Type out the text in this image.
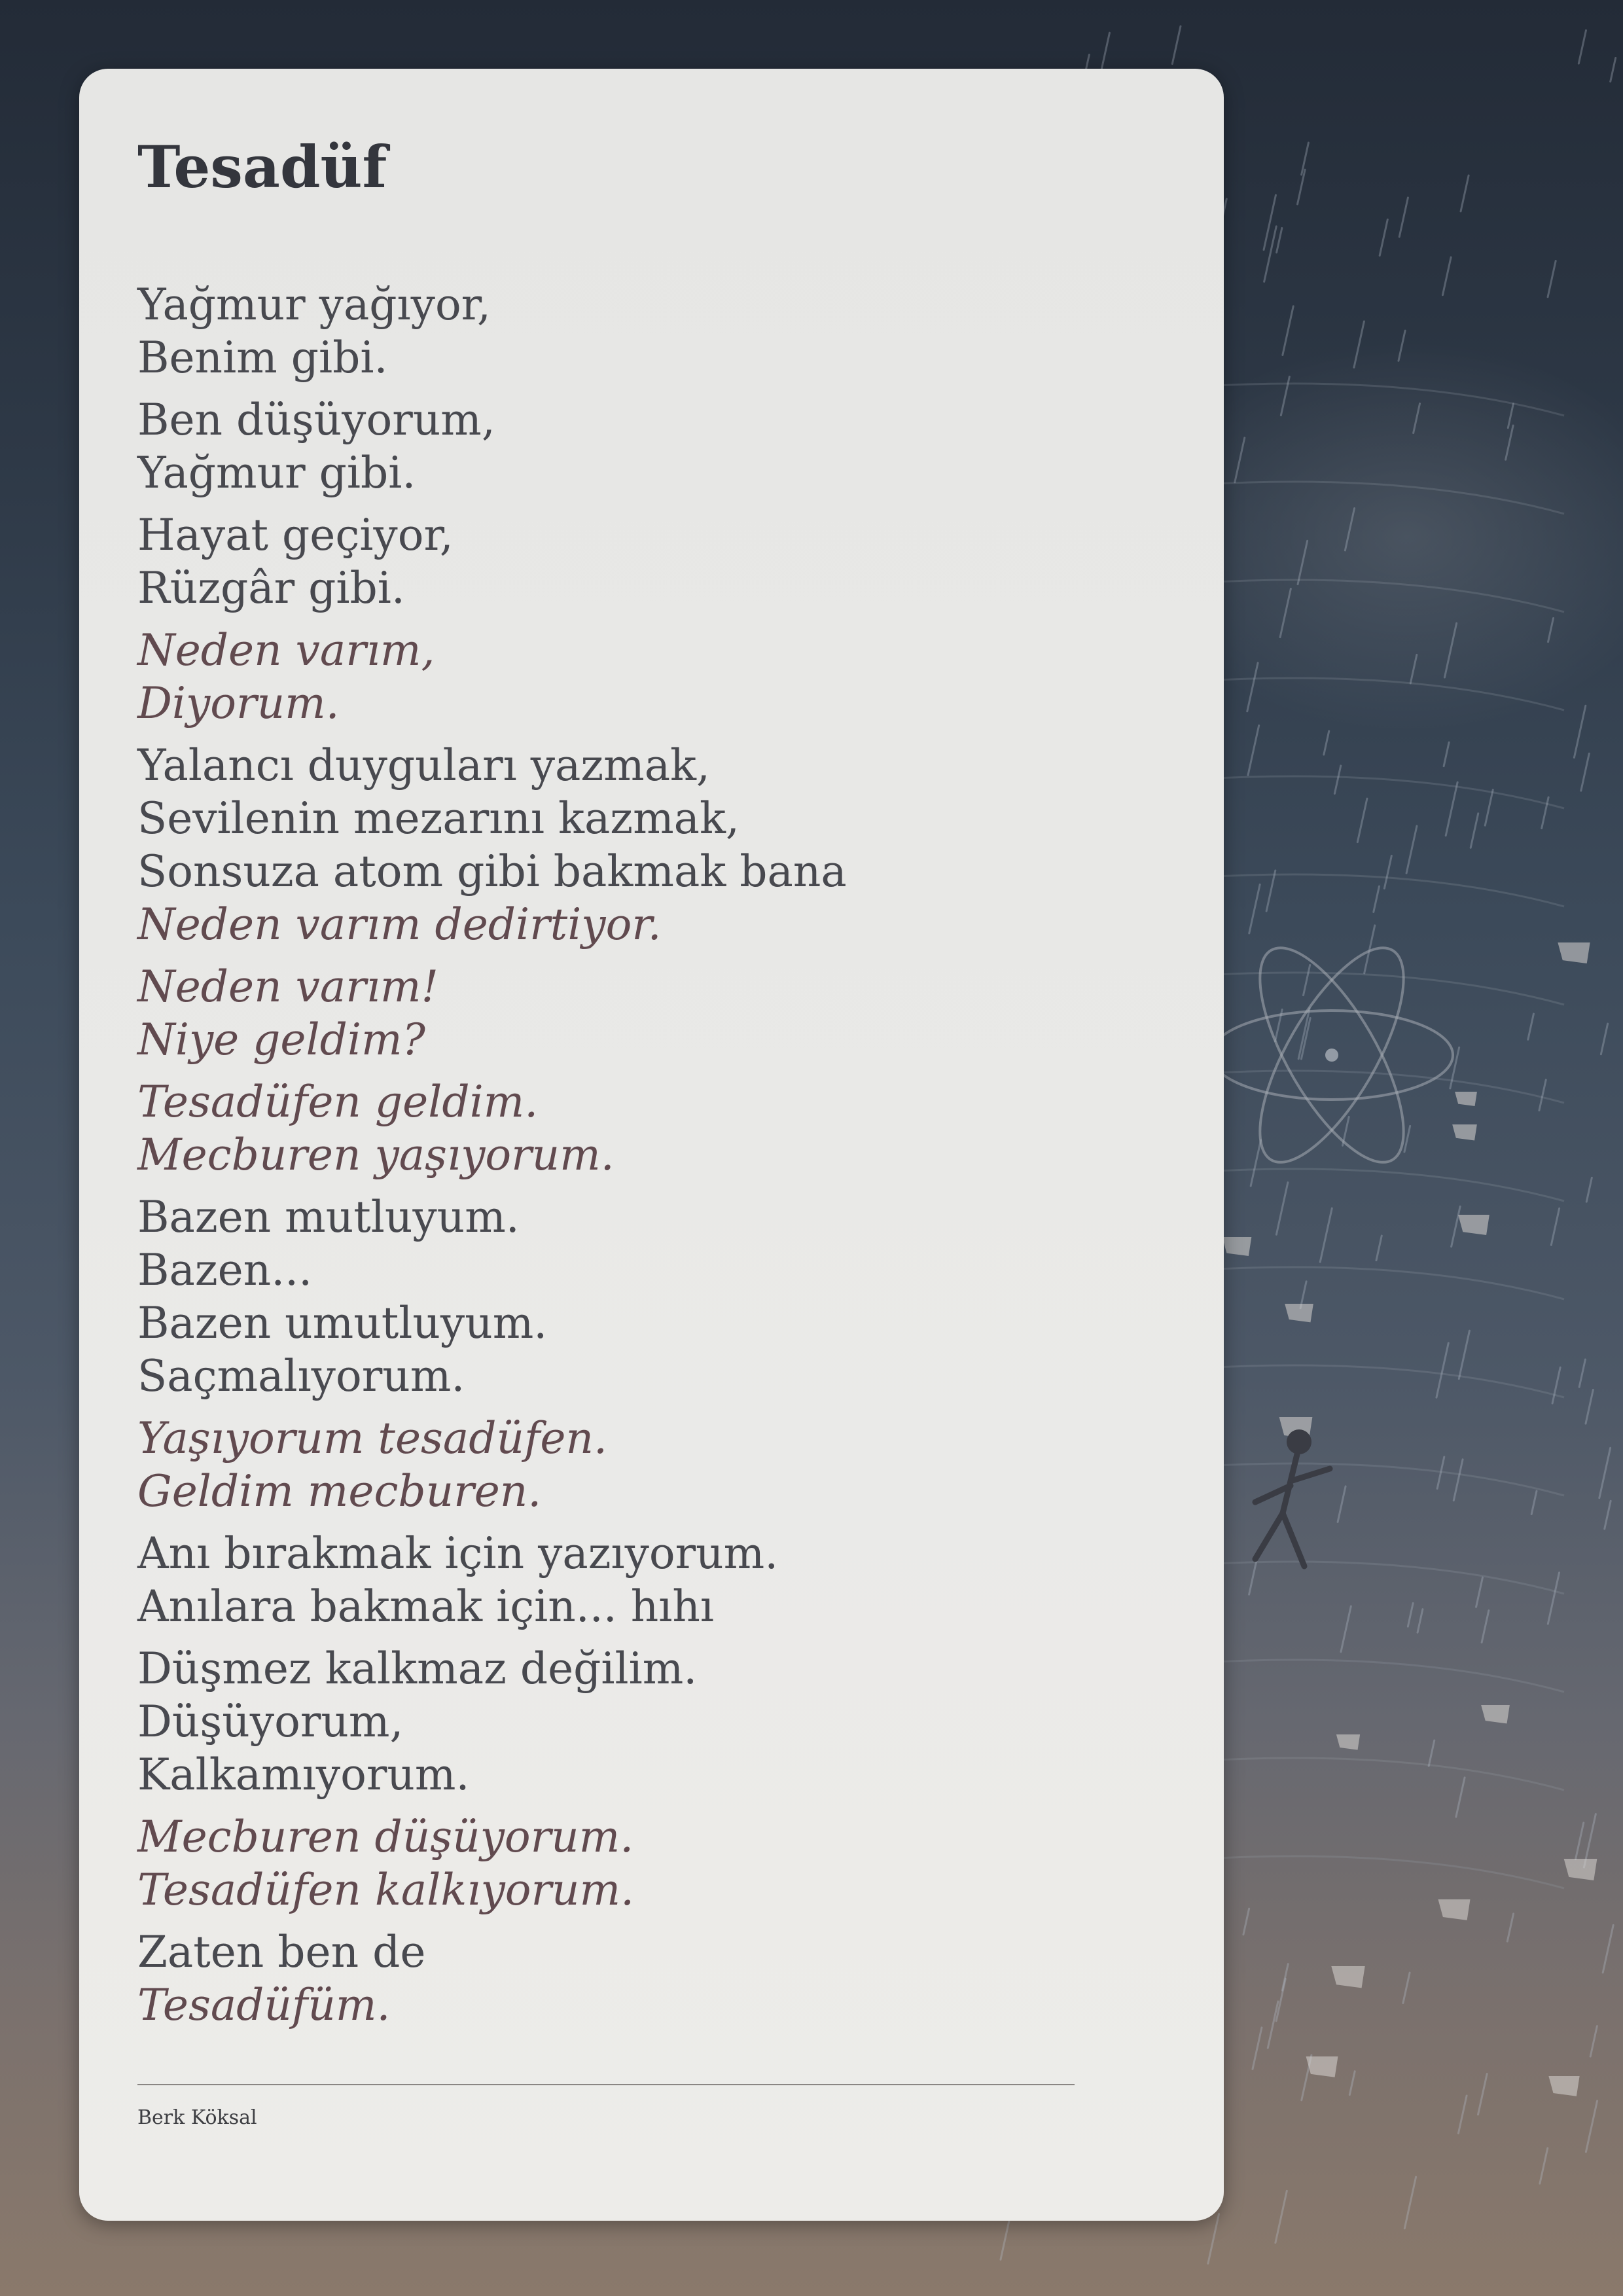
Tesadüf
Yağmur yağıyor,
Benim gibi.
Ben düşüyorum,
Yağmur gibi.
Hayat geçiyor,
Rüzgâr gibi.
Neden varım,
Diyorum.
Yalancı duyguları yazmak,
Sevilenin mezarını kazmak,
Sonsuza atom gibi bakmak bana
Neden varım dedirtiyor.
Neden varım!
Niye geldim?
Tesadüfen geldim.
Mecburen yaşıyorum.
Bazen mutluyum.
Bazen...
Bazen umutluyum.
Saçmalıyorum.
Yaşıyorum tesadüfen.
Geldim mecburen.
Anı bırakmak için yazıyorum.
Anılara bakmak için... hıhı
Düşmez kalkmaz değilim.
Düşüyorum,
Kalkamıyorum.
Mecburen düşüyorum.
Tesadüfen kalkıyorum.
Zaten ben de
Tesadüfüm.
Berk Köksal
